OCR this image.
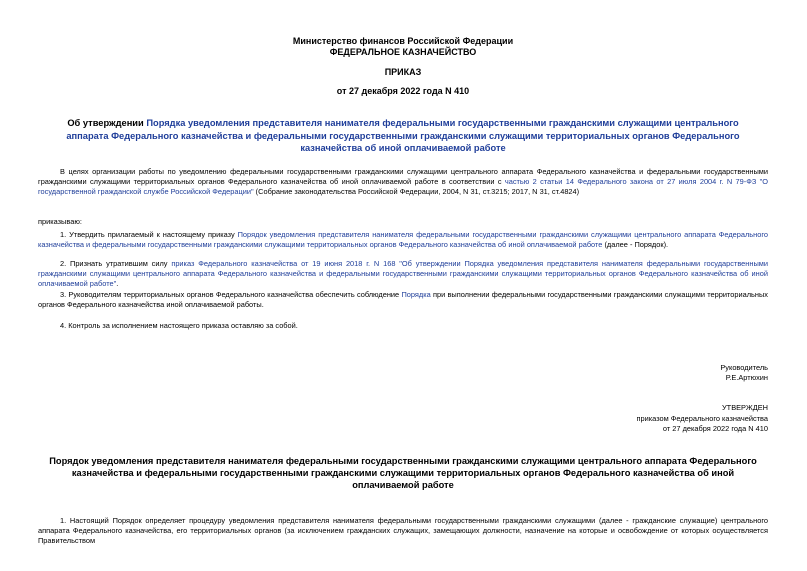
Министерство финансов Российской Федерации
ФЕДЕРАЛЬНОЕ КАЗНАЧЕЙСТВО
ПРИКАЗ
от 27 декабря 2022 года N 410
Об утверждении Порядка уведомления представителя нанимателя федеральными государственными гражданскими служащими центрального аппарата Федерального казначейства и федеральными государственными гражданскими служащими территориальных органов Федерального казначейства об иной оплачиваемой работе

В целях организации работы по уведомлению федеральными государственными гражданскими служащими центрального аппарата Федерального казначейства и федеральными государственными гражданскими служащими территориальных органов Федерального казначейства об иной оплачиваемой работе в соответствии с частью 2 статьи 14 Федерального закона от 27 июля 2004 г. N 79-ФЗ "О государственной гражданской службе Российской Федерации" (Собрание законодательства Российской Федерации, 2004, N 31, ст.3215; 2017, N 31, ст.4824)

приказываю:

1. Утвердить прилагаемый к настоящему приказу Порядок уведомления представителя нанимателя федеральными государственными гражданскими служащими центрального аппарата Федерального казначейства и федеральными государственными гражданскими служащими территориальных органов Федерального казначейства об иной оплачиваемой работе (далее - Порядок).

2. Признать утратившим силу приказ Федерального казначейства от 19 июня 2018 г. N 168 "Об утверждении Порядка уведомления представителя нанимателя федеральными государственными гражданскими служащими центрального аппарата Федерального казначейства и федеральными государственными гражданскими служащими территориальных органов Федерального казначейства об иной оплачиваемой работе".

3. Руководителям территориальных органов Федерального казначейства обеспечить соблюдение Порядка при выполнении федеральными государственными гражданскими служащими территориальных органов Федерального казначейства иной оплачиваемой работы.

4. Контроль за исполнением настоящего приказа оставляю за собой.

Руководитель
Р.Е.Артюхин
УТВЕРЖДЕН
приказом Федерального казначейства
от 27 декабря 2022 года N 410
Порядок уведомления представителя нанимателя федеральными государственными гражданскими служащими центрального аппарата Федерального казначейства и федеральными государственными гражданскими служащими территориальных органов Федерального казначейства об иной оплачиваемой работе

1. Настоящий Порядок определяет процедуру уведомления представителя нанимателя федеральными государственными гражданскими служащими (далее - гражданские служащие) центрального аппарата Федерального казначейства, его территориальных органов (за исключением гражданских служащих, замещающих должности, назначение на которые и освобождение от которых осуществляется Правительством
